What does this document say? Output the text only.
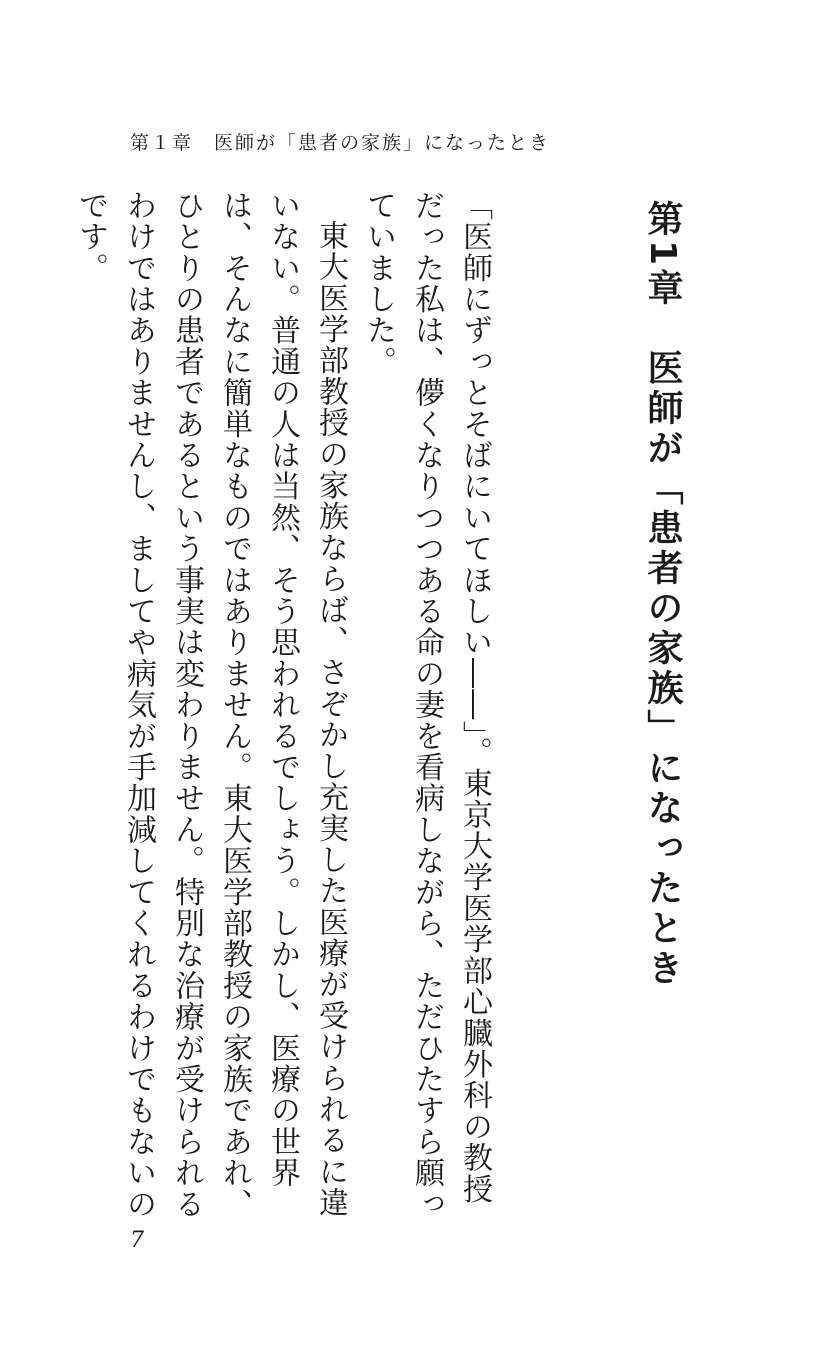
第１章　医師が「患者の家族」になったとき
第1章医師が「患者の家族」になったとき

「医師にずっとそばにいてほしい――」。東京大学医学部心臓外科の教授だった私は、儚くなりつつある命の妻を看病しながら、ただひたすら願っていました。

東大医学部教授の家族ならば、さぞかし充実した医療が受けられるに違いない。普通の人は当然、そう思われるでしょう。しかし、医療の世界は、そんなに簡単なものではありません。東大医学部教授の家族であれ、ひとりの患者であるという事実は変わりません。特別な治療が受けられるわけではありませんし、ましてや病気が手加減してくれるわけでもないのです。

7
